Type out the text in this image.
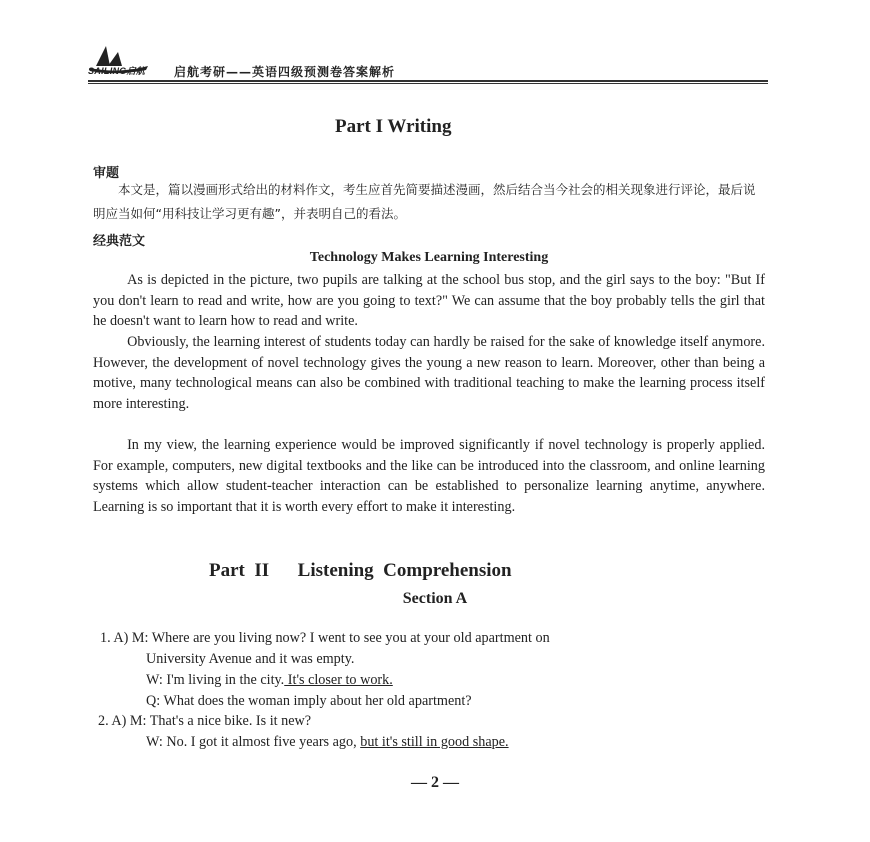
SAILING启航 启航考研——英语四级预测卷答案解析
Part I Writing
审题
本文是，篇以漫画形式给出的材料作文，考生应首先简要描述漫画，然后结合当今社会的相关现象进行评论，最后说明应当如何“用科技让学习更有趣”，并表明自己的看法。
经典范文
Technology Makes Learning Interesting
As is depicted in the picture, two pupils are talking at the school bus stop, and the girl says to the boy: "But If you don't learn to read and write, how are you going to text?" We can assume that the boy probably tells the girl that he doesn't want to learn how to read and write.
Obviously, the learning interest of students today can hardly be raised for the sake of knowledge itself anymore. However, the development of novel technology gives the young a new reason to learn. Moreover, other than being a motive, many technological means can also be combined with traditional teaching to make the learning process itself more interesting.
In my view, the learning experience would be improved significantly if novel technology is properly applied. For example, computers, new digital textbooks and the like can be introduced into the classroom, and online learning systems which allow student-teacher interaction can be established to personalize learning anytime, anywhere. Learning is so important that it is worth every effort to make it interesting.
Part  II      Listening  Comprehension
Section A
1. A) M: Where are you living now? I went to see you at your old apartment on
University Avenue and it was empty.
W: I'm living in the city. It's closer to work.
Q: What does the woman imply about her old apartment?
2. A) M: That's a nice bike. Is it new?
W: No. I got it almost five years ago, but it's still in good shape.
— 2 —
